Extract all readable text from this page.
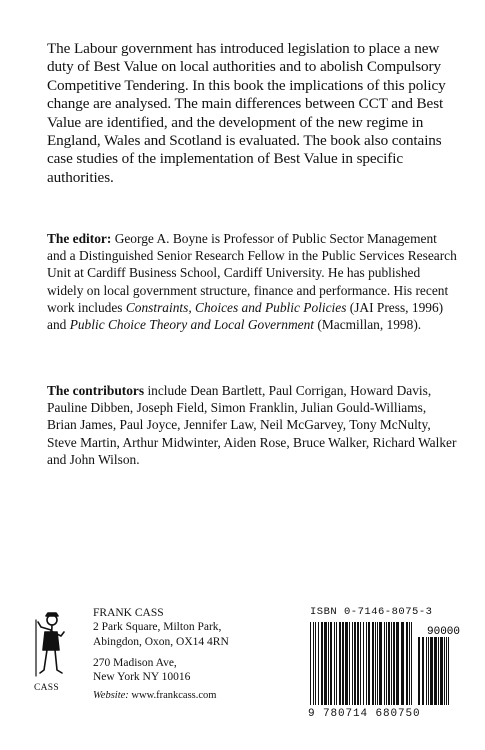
The Labour government has introduced legislation to place a new duty of Best Value on local authorities and to abolish Compulsory Competitive Tendering. In this book the implications of this policy change are analysed. The main differences between CCT and Best Value are identified, and the development of the new regime in England, Wales and Scotland is evaluated. The book also contains case studies of the implementation of Best Value in specific authorities.

The editor: George A. Boyne is Professor of Public Sector Management and a Distinguished Senior Research Fellow in the Public Services Research Unit at Cardiff Business School, Cardiff University. He has published widely on local government structure, finance and performance. His recent work includes Constraints, Choices and Public Policies (JAI Press, 1996) and Public Choice Theory and Local Government (Macmillan, 1998).

The contributors include Dean Bartlett, Paul Corrigan, Howard Davis, Pauline Dibben, Joseph Field, Simon Franklin, Julian Gould-Williams, Brian James, Paul Joyce, Jennifer Law, Neil McGarvey, Tony McNulty, Steve Martin, Arthur Midwinter, Aiden Rose, Bruce Walker, Richard Walker and John Wilson.

CASS
FRANK CASS
2 Park Square, Milton Park,
Abingdon, Oxon, OX14 4RN
270 Madison Ave,
New York NY 10016
Website: www.frankcass.com
ISBN 0-7146-8075-3
90000
9 780714 680750
